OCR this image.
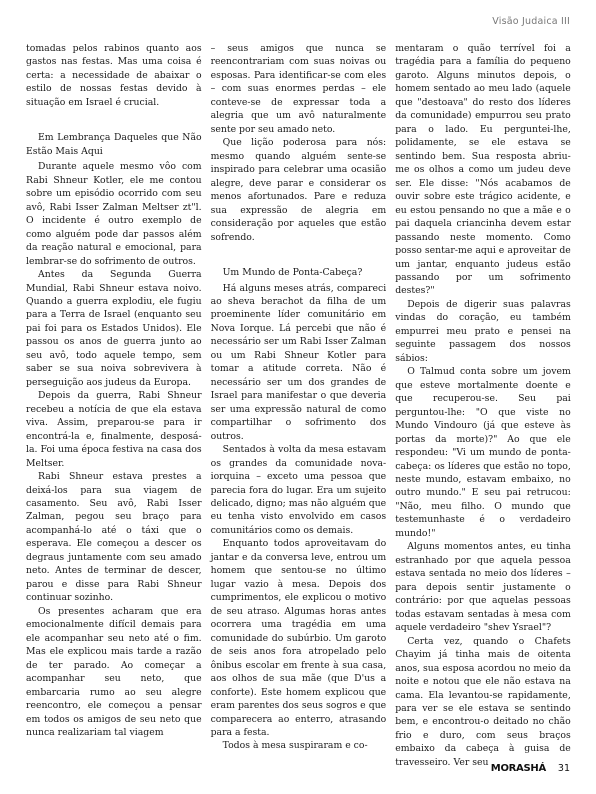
Visão Judaica III

tomadas pelos rabinos quanto aos gastos nas festas. Mas uma coisa é certa: a necessidade de abaixar o estilo de nossas festas devido à situação em Israel é crucial.

Em Lembrança Daqueles que Não Estão Mais Aqui

Durante aquele mesmo vôo com Rabi Shneur Kotler, ele me contou sobre um episódio ocorrido com seu avô, Rabi Isser Zalman Meltser zt"l. O incidente é outro exemplo de como alguém pode dar passos além da reação natural e emocional, para lembrar-se do sofrimento de outros.

Antes da Segunda Guerra Mundial, Rabi Shneur estava noivo. Quando a guerra explodiu, ele fugiu para a Terra de Israel (enquanto seu pai foi para os Estados Unidos). Ele passou os anos de guerra junto ao seu avô, todo aquele tempo, sem saber se sua noiva sobrevivera à perseguição aos judeus da Europa.

Depois da guerra, Rabi Shneur recebeu a notícia de que ela estava viva. Assim, preparou-se para ir encontrá-la e, finalmente, desposá-la. Foi uma época festiva na casa dos Meltser.

Rabi Shneur estava prestes a deixá-los para sua viagem de casamento. Seu avô, Rabi Isser Zalman, pegou seu braço para acompanhá-lo até o táxi que o esperava. Ele começou a descer os degraus juntamente com seu amado neto. Antes de terminar de descer, parou e disse para Rabi Shneur continuar sozinho.

Os presentes acharam que era emocionalmente difícil demais para ele acompanhar seu neto até o fim. Mas ele explicou mais tarde a razão de ter parado. Ao começar a acompanhar seu neto, que embarcaria rumo ao seu alegre reencontro, ele começou a pensar em todos os amigos de seu neto que nunca realizariam tal viagem

– seus amigos que nunca se reencontrariam com suas noivas ou esposas. Para identificar-se com eles – com suas enormes perdas – ele conteve-se de expressar toda a alegria que um avô naturalmente sente por seu amado neto.

Que lição poderosa para nós: mesmo quando alguém sente-se inspirado para celebrar uma ocasião alegre, deve parar e considerar os menos afortunados. Pare e reduza sua expressão de alegria em consideração por aqueles que estão sofrendo.

Um Mundo de Ponta-Cabeça?

Há alguns meses atrás, compareci ao sheva berachot da filha de um proeminente líder comunitário em Nova Iorque. Lá percebi que não é necessário ser um Rabi Isser Zalman ou um Rabi Shneur Kotler para tomar a atitude correta. Não é necessário ser um dos grandes de Israel para manifestar o que deveria ser uma expressão natural de como compartilhar o sofrimento dos outros.

Sentados à volta da mesa estavam os grandes da comunidade nova-iorquina – exceto uma pessoa que parecia fora do lugar. Era um sujeito delicado, digno; mas não alguém que eu tenha visto envolvido em casos comunitários como os demais.

Enquanto todos aproveitavam do jantar e da conversa leve, entrou um homem que sentou-se no último lugar vazio à mesa. Depois dos cumprimentos, ele explicou o motivo de seu atraso. Algumas horas antes ocorrera uma tragédia em uma comunidade do subúrbio. Um garoto de seis anos fora atropelado pelo ônibus escolar em frente à sua casa, aos olhos de sua mãe (que D'us a conforte). Este homem explicou que eram parentes dos seus sogros e que comparecera ao enterro, atrasando para a festa.

Todos à mesa suspiraram e co-

mentaram o quão terrível foi a tragédia para a família do pequeno garoto. Alguns minutos depois, o homem sentado ao meu lado (aquele que "destoava" do resto dos líderes da comunidade) empurrou seu prato para o lado. Eu perguntei-lhe, polidamente, se ele estava se sentindo bem. Sua resposta abriu-me os olhos a como um judeu deve ser. Ele disse: "Nós acabamos de ouvir sobre este trágico acidente, e eu estou pensando no que a mãe e o pai daquela criancinha devem estar passando neste momento. Como posso sentar-me aqui e aproveitar de um jantar, enquanto judeus estão passando por um sofrimento destes?"

Depois de digerir suas palavras vindas do coração, eu também empurrei meu prato e pensei na seguinte passagem dos nossos sábios:

O Talmud conta sobre um jovem que esteve mortalmente doente e que recuperou-se. Seu pai perguntou-lhe: "O que viste no Mundo Vindouro (já que esteve às portas da morte)?" Ao que ele respondeu: "Vi um mundo de ponta-cabeça: os líderes que estão no topo, neste mundo, estavam embaixo, no outro mundo." E seu pai retrucou: "Não, meu filho. O mundo que testemunhaste é o verdadeiro mundo!"

Alguns momentos antes, eu tinha estranhado por que aquela pessoa estava sentada no meio dos líderes – para depois sentir justamente o contrário: por que aquelas pessoas todas estavam sentadas à mesa com aquele verdadeiro "shev Ysrael"?

Certa vez, quando o Chafets Chayim já tinha mais de oitenta anos, sua esposa acordou no meio da noite e notou que ele não estava na cama. Ela levantou-se rapidamente, para ver se ele estava se sentindo bem, e encontrou-o deitado no chão frio e duro, com seus braços embaixo da cabeça à guisa de travesseiro. Ver seu

MORASHÁ 31
